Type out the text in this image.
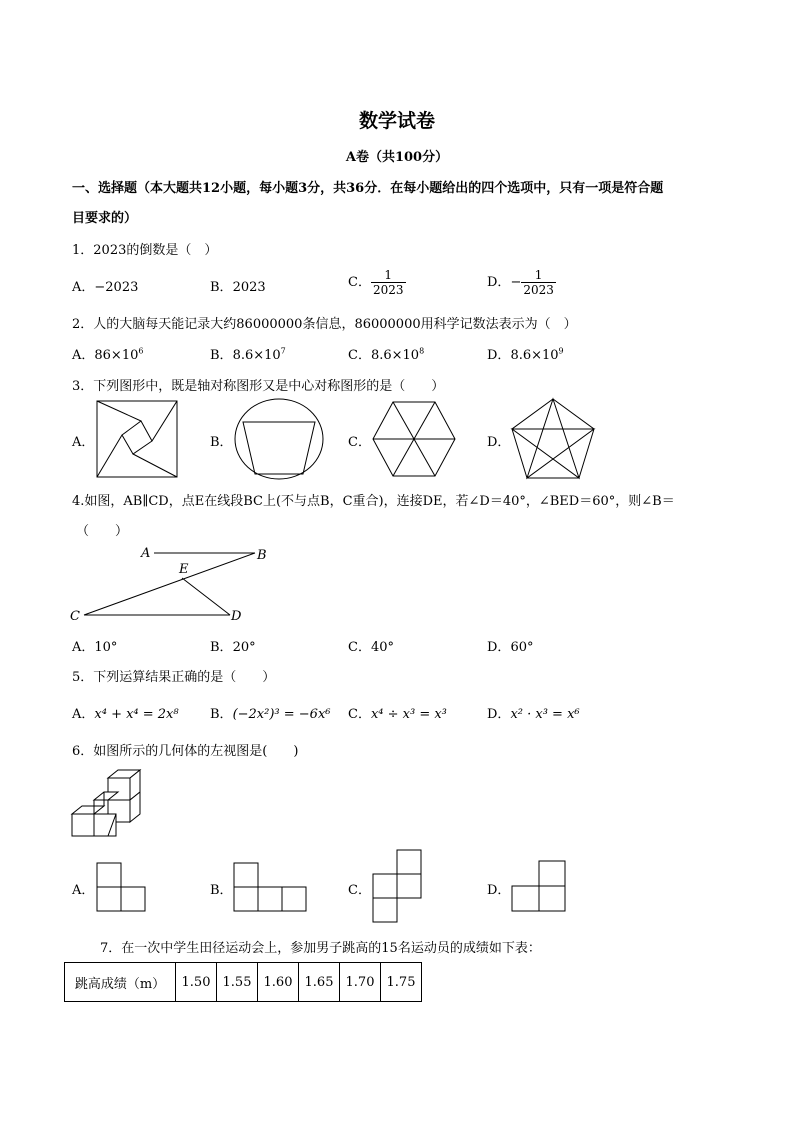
数学试卷
A卷（共100分）
一、选择题（本大题共12小题，每小题3分，共36分．在每小题给出的四个选项中，只有一项是符合题
目要求的）
1．2023的倒数是（　）
A．−2023	B．2023	C． $\frac{1}{2023}$	D．− $\frac{1}{2023}$
2．人的大脑每天能记录大约86000000条信息，86000000用科学记数法表示为（　）
A．$86\times 10^6$	B．$8.6\times 10^7$	C．$8.6\times 10^8$	D．$8.6\times 10^9$
3．下列图形中，既是轴对称图形又是中心对称图形的是（　　）
A．	B．	C．	D．
4.如图，AB∥CD，点E在线段BC上(不与点B，C重合)，连接DE，若∠D＝40°，∠BED＝60°，则∠B＝
（　　）
A	B
C	D
E
A．10°	B．20°	C．40°	D．60°
5．下列运算结果正确的是（　　）
A．x⁴ + x⁴ = 2x⁸ B．(−2x²)³ = −6x⁶ C．x⁴ ÷ x³ = x³	D．x² · x³ = x⁶
6．如图所示的几何体的左视图是(　　)
A．	B．	C．	D．
7．在一次中学生田径运动会上，参加男子跳高的15名运动员的成绩如下表：
跳高成绩（m）	1.50	1.55	1.60	1.65	1.70	1.75
